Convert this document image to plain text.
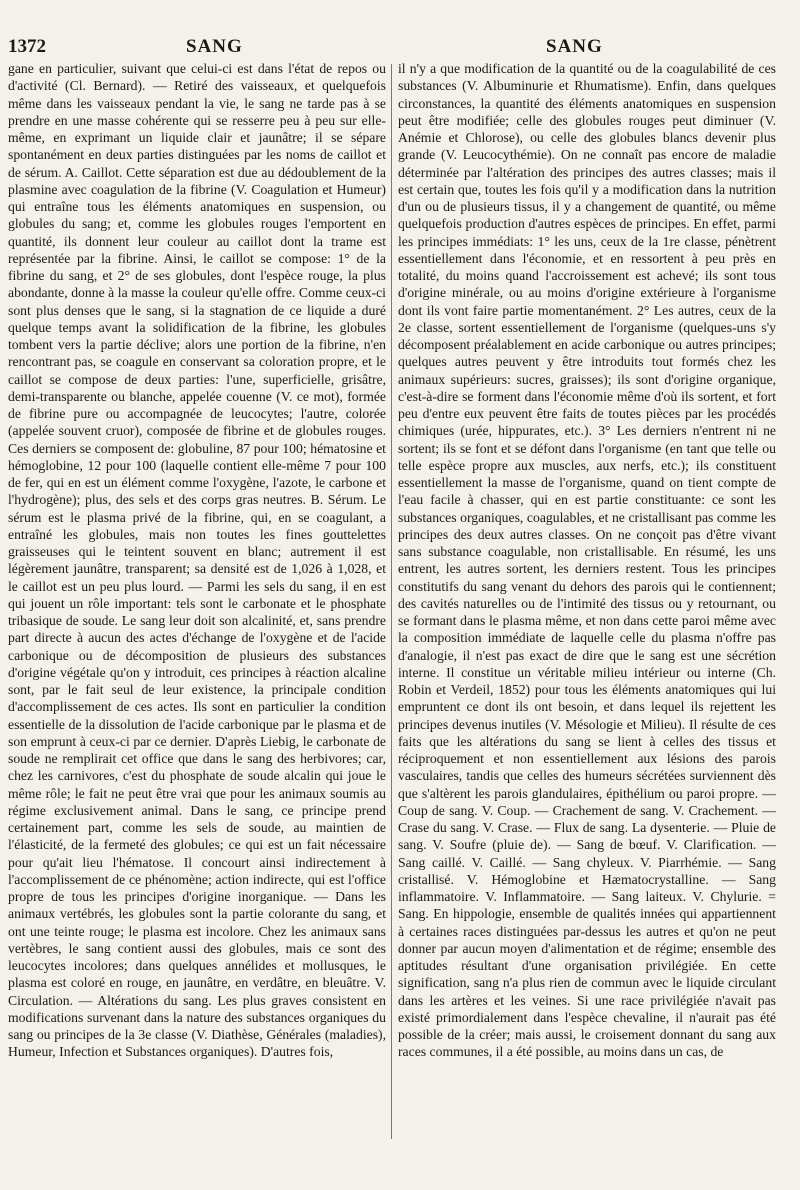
1372	SANG	SANG

gane en particulier, suivant que celui-ci est dans l'état de repos ou d'activité (Cl. Bernard). — Retiré des vaisseaux, et quelquefois même dans les vaisseaux pendant la vie, le sang ne tarde pas à se prendre en une masse cohérente qui se resserre peu à peu sur elle-même, en exprimant un liquide clair et jaunâtre; il se sépare spontanément en deux parties distinguées par les noms de caillot et de sérum. A. Caillot. Cette séparation est due au dédoublement de la plasmine avec coagulation de la fibrine (V. Coagulation et Humeur) qui entraîne tous les éléments anatomiques en suspension, ou globules du sang; et, comme les globules rouges l'emportent en quantité, ils donnent leur couleur au caillot dont la trame est représentée par la fibrine. Ainsi, le caillot se compose: 1° de la fibrine du sang, et 2° de ses globules, dont l'espèce rouge, la plus abondante, donne à la masse la couleur qu'elle offre. Comme ceux-ci sont plus denses que le sang, si la stagnation de ce liquide a duré quelque temps avant la solidification de la fibrine, les globules tombent vers la partie déclive; alors une portion de la fibrine, n'en rencontrant pas, se coagule en conservant sa coloration propre, et le caillot se compose de deux parties: l'une, superficielle, grisâtre, demi-transparente ou blanche, appelée couenne (V. ce mot), formée de fibrine pure ou accompagnée de leucocytes; l'autre, colorée (appelée souvent cruor), composée de fibrine et de globules rouges. Ces derniers se composent de: globuline, 87 pour 100; hématosine et hémoglobine, 12 pour 100 (laquelle contient elle-même 7 pour 100 de fer, qui en est un élément comme l'oxygène, l'azote, le carbone et l'hydrogène); plus, des sels et des corps gras neutres. B. Sérum. Le sérum est le plasma privé de la fibrine, qui, en se coagulant, a entraîné les globules, mais non toutes les fines gouttelettes graisseuses qui le teintent souvent en blanc; autrement il est légèrement jaunâtre, transparent; sa densité est de 1,026 à 1,028, et le caillot est un peu plus lourd. — Parmi les sels du sang, il en est qui jouent un rôle important: tels sont le carbonate et le phosphate tribasique de soude. Le sang leur doit son alcalinité, et, sans prendre part directe à aucun des actes d'échange de l'oxygène et de l'acide carbonique ou de décomposition de plusieurs des substances d'origine végétale qu'on y introduit, ces principes à réaction alcaline sont, par le fait seul de leur existence, la principale condition d'accomplissement de ces actes. Ils sont en particulier la condition essentielle de la dissolution de l'acide carbonique par le plasma et de son emprunt à ceux-ci par ce dernier. D'après Liebig, le carbonate de soude ne remplirait cet office que dans le sang des herbivores; car, chez les carnivores, c'est du phosphate de soude alcalin qui joue le même rôle; le fait ne peut être vrai que pour les animaux soumis au régime exclusivement animal. Dans le sang, ce principe prend certainement part, comme les sels de soude, au maintien de l'élasticité, de la fermeté des globules; ce qui est un fait nécessaire pour qu'ait lieu l'hématose. Il concourt ainsi indirectement à l'accomplissement de ce phénomène; action indirecte, qui est l'office propre de tous les principes d'origine inorganique. — Dans les animaux vertébrés, les globules sont la partie colorante du sang, et ont une teinte rouge; le plasma est incolore. Chez les animaux sans vertèbres, le sang contient aussi des globules, mais ce sont des leucocytes incolores; dans quelques annélides et mollusques, le plasma est coloré en rouge, en jaunâtre, en verdâtre, en bleuâtre. V. Circulation. — Altérations du sang. Les plus graves consistent en modifications survenant dans la nature des substances organiques du sang ou principes de la 3e classe (V. Diathèse, Générales (maladies), Humeur, Infection et Substances organiques). D'autres fois,

il n'y a que modification de la quantité ou de la coagulabilité de ces substances (V. Albuminurie et Rhumatisme). Enfin, dans quelques circonstances, la quantité des éléments anatomiques en suspension peut être modifiée; celle des globules rouges peut diminuer (V. Anémie et Chlorose), ou celle des globules blancs devenir plus grande (V. Leucocythémie). On ne connaît pas encore de maladie déterminée par l'altération des principes des autres classes; mais il est certain que, toutes les fois qu'il y a modification dans la nutrition d'un ou de plusieurs tissus, il y a changement de quantité, ou même quelquefois production d'autres espèces de principes. En effet, parmi les principes immédiats: 1° les uns, ceux de la 1re classe, pénètrent essentiellement dans l'économie, et en ressortent à peu près en totalité, du moins quand l'accroissement est achevé; ils sont tous d'origine minérale, ou au moins d'origine extérieure à l'organisme dont ils vont faire partie momentanément. 2° Les autres, ceux de la 2e classe, sortent essentiellement de l'organisme (quelques-uns s'y décomposent préalablement en acide carbonique ou autres principes; quelques autres peuvent y être introduits tout formés chez les animaux supérieurs: sucres, graisses); ils sont d'origine organique, c'est-à-dire se forment dans l'économie même d'où ils sortent, et fort peu d'entre eux peuvent être faits de toutes pièces par les procédés chimiques (urée, hippurates, etc.). 3° Les derniers n'entrent ni ne sortent; ils se font et se défont dans l'organisme (en tant que telle ou telle espèce propre aux muscles, aux nerfs, etc.); ils constituent essentiellement la masse de l'organisme, quand on tient compte de l'eau facile à chasser, qui en est partie constituante: ce sont les substances organiques, coagulables, et ne cristallisant pas comme les principes des deux autres classes. On ne conçoit pas d'être vivant sans substance coagulable, non cristallisable. En résumé, les uns entrent, les autres sortent, les derniers restent. Tous les principes constitutifs du sang venant du dehors des parois qui le contiennent; des cavités naturelles ou de l'intimité des tissus ou y retournant, ou se formant dans le plasma même, et non dans cette paroi même avec la composition immédiate de laquelle celle du plasma n'offre pas d'analogie, il n'est pas exact de dire que le sang est une sécrétion interne. Il constitue un véritable milieu intérieur ou interne (Ch. Robin et Verdeil, 1852) pour tous les éléments anatomiques qui lui empruntent ce dont ils ont besoin, et dans lequel ils rejettent les principes devenus inutiles (V. Mésologie et Milieu). Il résulte de ces faits que les altérations du sang se lient à celles des tissus et réciproquement et non essentiellement aux lésions des parois vasculaires, tandis que celles des humeurs sécrétées surviennent dès que s'altèrent les parois glandulaires, épithélium ou paroi propre. — Coup de sang. V. Coup. — Crachement de sang. V. Crachement. — Crase du sang. V. Crase. — Flux de sang. La dysenterie. — Pluie de sang. V. Soufre (pluie de). — Sang de bœuf. V. Clarification. — Sang caillé. V. Caillé. — Sang chyleux. V. Piarrhémie. — Sang cristallisé. V. Hémoglobine et Hæmatocrystalline. — Sang inflammatoire. V. Inflammatoire. — Sang laiteux. V. Chylurie. = Sang. En hippologie, ensemble de qualités innées qui appartiennent à certaines races distinguées par-dessus les autres et qu'on ne peut donner par aucun moyen d'alimentation et de régime; ensemble des aptitudes résultant d'une organisation privilégiée. En cette signification, sang n'a plus rien de commun avec le liquide circulant dans les artères et les veines. Si une race privilégiée n'avait pas existé primordialement dans l'espèce chevaline, il n'aurait pas été possible de la créer; mais aussi, le croisement donnant du sang aux races communes, il a été possible, au moins dans un cas, de
